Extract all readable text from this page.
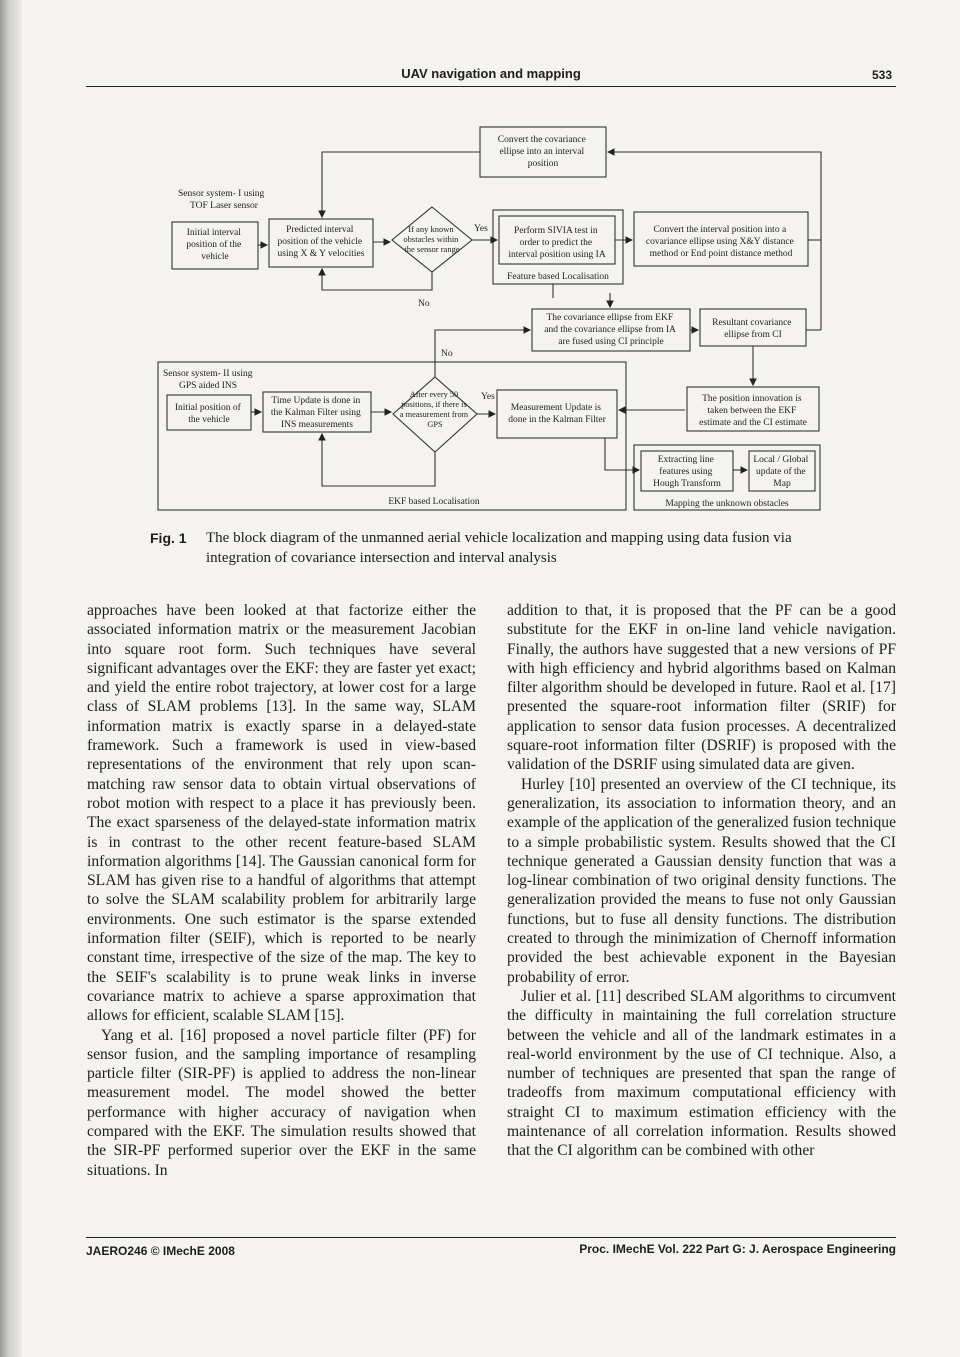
UAV navigation and mapping	533
Convert the covariance ellipse into an interval position
Sensor system- I using TOF Laser sensor
Initial interval position of the vehicle
Predicted interval position of the vehicle using X & Y velocities
If any known obstacles within the sensor range
Yes	Perform SIVIA test in order to predict the interval position using IA
Feature based Localisation
Convert the interval position into a covariance ellipse using X&Y distance method or End point distance method
No
The covariance ellipse from EKF and the covariance ellipse from IA are fused using CI principle
Resultant covariance ellipse from CI
No
Sensor system- II using GPS aided INS
Initial position of the vehicle
Time Update is done in the Kalman Filter using INS measurements
After every 50 positions, if there is a measurement from GPS
Yes
Measurement Update is done in the Kalman Filter
The position innovation is taken between the EKF estimate and the CI estimate
Extracting line features using Hough Transform
Local / Global update of the Map
EKF based Localisation	Mapping the unknown obstacles
Fig. 1 The block diagram of the unmanned aerial vehicle localization and mapping using data fusion via integration of covariance intersection and interval analysis

approaches have been looked at that factorize either the associated information matrix or the measurement Jacobian into square root form. Such techniques have several significant advantages over the EKF: they are faster yet exact; and yield the entire robot trajectory, at lower cost for a large class of SLAM problems [13]. In the same way, SLAM information matrix is exactly sparse in a delayed-state framework. Such a framework is used in view-based representations of the environment that rely upon scan-matching raw sensor data to obtain virtual observations of robot motion with respect to a place it has previously been. The exact sparseness of the delayed-state information matrix is in contrast to the other recent feature-based SLAM information algorithms [14]. The Gaussian canonical form for SLAM has given rise to a handful of algorithms that attempt to solve the SLAM scalability problem for arbitrarily large environments. One such estimator is the sparse extended information filter (SEIF), which is reported to be nearly constant time, irrespective of the size of the map. The key to the SEIF's scalability is to prune weak links in inverse covariance matrix to achieve a sparse approximation that allows for efficient, scalable SLAM [15].

Yang et al. [16] proposed a novel particle filter (PF) for sensor fusion, and the sampling importance of resampling particle filter (SIR-PF) is applied to address the non-linear measurement model. The model showed the better performance with higher accuracy of navigation when compared with the EKF. The simulation results showed that the SIR-PF performed superior over the EKF in the same situations. In

addition to that, it is proposed that the PF can be a good substitute for the EKF in on-line land vehicle navigation. Finally, the authors have suggested that a new versions of PF with high efficiency and hybrid algorithms based on Kalman filter algorithm should be developed in future. Raol et al. [17] presented the square-root information filter (SRIF) for application to sensor data fusion processes. A decentralized square-root information filter (DSRIF) is proposed with the validation of the DSRIF using simulated data are given.

Hurley [10] presented an overview of the CI technique, its generalization, its association to information theory, and an example of the application of the generalized fusion technique to a simple probabilistic system. Results showed that the CI technique generated a Gaussian density function that was a log-linear combination of two original density functions. The generalization provided the means to fuse not only Gaussian functions, but to fuse all density functions. The distribution created to through the minimization of Chernoff information provided the best achievable exponent in the Bayesian probability of error.

Julier et al. [11] described SLAM algorithms to circumvent the difficulty in maintaining the full correlation structure between the vehicle and all of the landmark estimates in a real-world environment by the use of CI technique. Also, a number of techniques are presented that span the range of tradeoffs from maximum computational efficiency with straight CI to maximum estimation efficiency with the maintenance of all correlation information. Results showed that the CI algorithm can be combined with other

JAERO246 © IMechE 2008	Proc. IMechE Vol. 222 Part G: J. Aerospace Engineering
